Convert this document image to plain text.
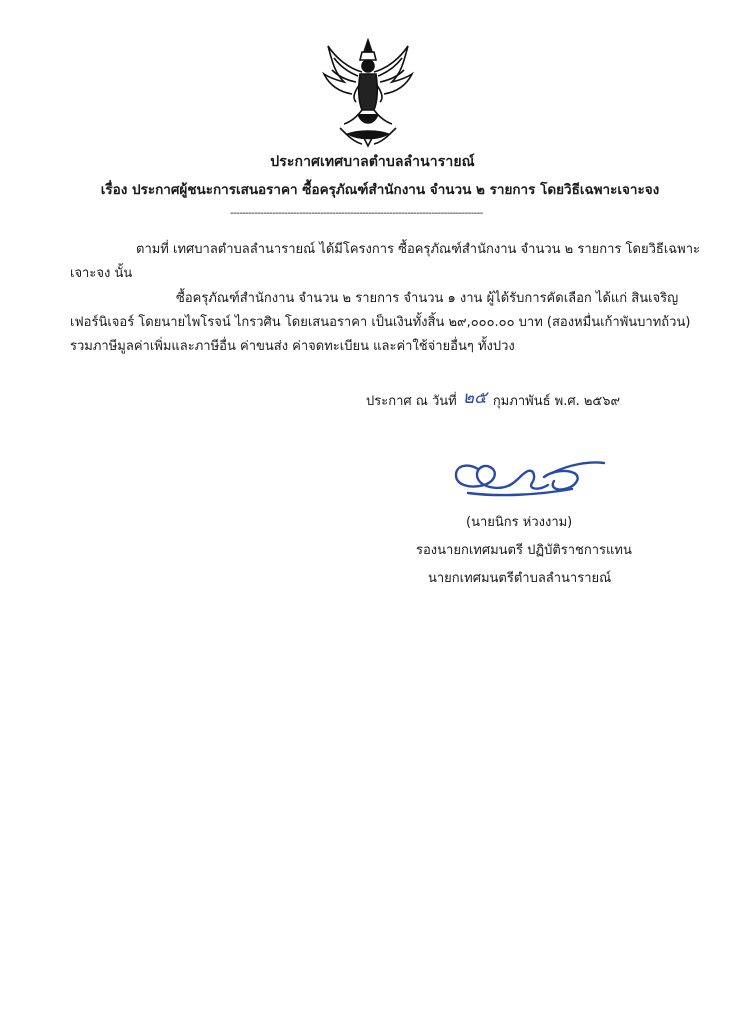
ประกาศเทศบาลตำบลลำนารายณ์
เรื่อง ประกาศผู้ชนะการเสนอราคา ซื้อครุภัณฑ์สำนักงาน จำนวน ๒ รายการ โดยวิธีเฉพาะเจาะจง
------------------------------------------------------------------------------------
ตามที่ เทศบาลตำบลลำนารายณ์ ได้มีโครงการ ซื้อครุภัณฑ์สำนักงาน จำนวน ๒ รายการ โดยวิธีเฉพาะ
เจาะจง นั้น
ซื้อครุภัณฑ์สำนักงาน จำนวน ๒ รายการ จำนวน ๑ งาน ผู้ได้รับการคัดเลือก ได้แก่ สินเจริญ
เฟอร์นิเจอร์ โดยนายไพโรจน์ ไกรวศิน โดยเสนอราคา เป็นเงินทั้งสิ้น ๒๙,๐๐๐.๐๐ บาท (สองหมื่นเก้าพันบาทถ้วน)
รวมภาษีมูลค่าเพิ่มและภาษีอื่น ค่าขนส่ง ค่าจดทะเบียน และค่าใช้จ่ายอื่นๆ ทั้งปวง
ประกาศ ณ วันที่ ๒๕ กุมภาพันธ์ พ.ศ. ๒๕๖๙
(นายนิกร ห่วงงาม)
รองนายกเทศมนตรี ปฏิบัติราชการแทน
นายกเทศมนตรีตำบลลำนารายณ์
